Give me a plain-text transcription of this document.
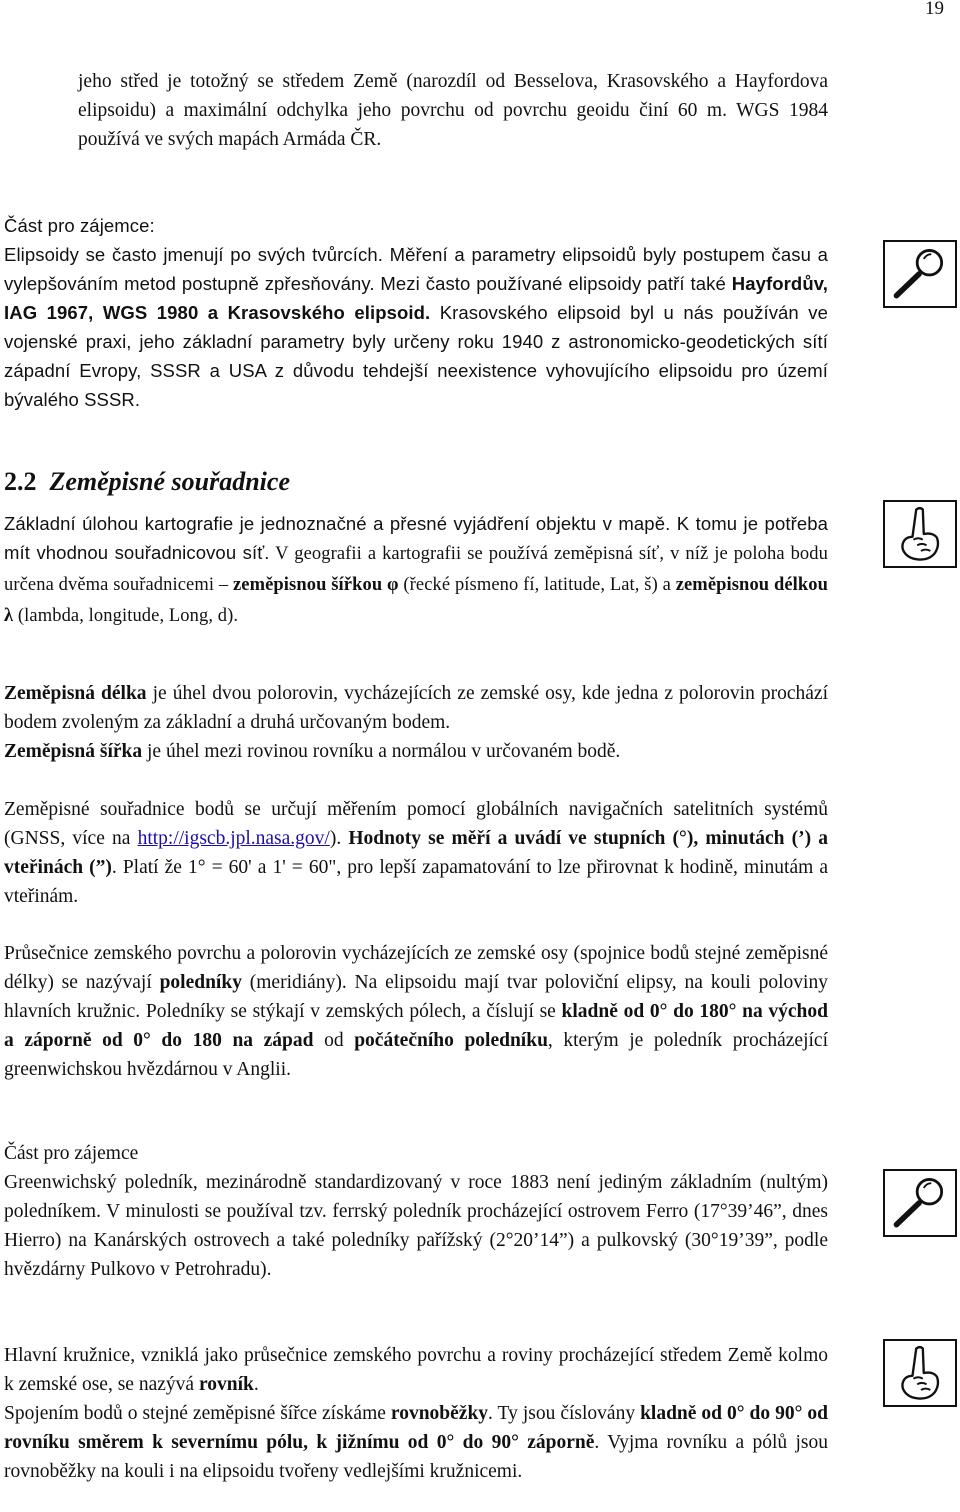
19

jeho střed je totožný se středem Země (narozdíl od Besselova, Krasovského a Hayfordova elipsoidu) a maximální odchylka jeho povrchu od povrchu geoidu činí 60 m. WGS 1984 používá ve svých mapách Armáda ČR.

Část pro zájemce:
Elipsoidy se často jmenují po svých tvůrcích. Měření a parametry elipsoidů byly postupem času a vylepšováním metod postupně zpřesňovány. Mezi často používané elipsoidy patří také Hayfordův, IAG 1967, WGS 1980 a Krasovského elipsoid. Krasovského elipsoid byl u nás používán ve vojenské praxi, jeho základní parametry byly určeny roku 1940 z astronomicko-geodetických sítí západní Evropy, SSSR a USA z důvodu tehdejší neexistence vyhovujícího elipsoidu pro území bývalého SSSR.
2.2 Zeměpisné souřadnice

Základní úlohou kartografie je jednoznačné a přesné vyjádření objektu v mapě. K tomu je potřeba mít vhodnou souřadnicovou síť. V geografii a kartografii se používá zeměpisná síť, v níž je poloha bodu určena dvěma souřadnicemi – zeměpisnou šířkou φ (řecké písmeno fí, latitude, Lat, š) a zeměpisnou délkou λ (lambda, longitude, Long, d).

Zeměpisná délka je úhel dvou polorovin, vycházejících ze zemské osy, kde jedna z polorovin prochází bodem zvoleným za základní a druhá určovaným bodem.
Zeměpisná šířka je úhel mezi rovinou rovníku a normálou v určovaném bodě.

Zeměpisné souřadnice bodů se určují měřením pomocí globálních navigačních satelitních systémů (GNSS, více na http://igscb.jpl.nasa.gov/). Hodnoty se měří a uvádí ve stupních (°), minutách (’) a vteřinách (”). Platí že 1° = 60' a 1' = 60", pro lepší zapamatování to lze přirovnat k hodině, minutám a vteřinám.

Průsečnice zemského povrchu a polorovin vycházejících ze zemské osy (spojnice bodů stejné zeměpisné délky) se nazývají poledníky (meridiány). Na elipsoidu mají tvar poloviční elipsy, na kouli poloviny hlavních kružnic. Poledníky se stýkají v zemských pólech, a číslují se kladně od 0° do 180° na východ a záporně od 0° do 180 na západ od počátečního poledníku, kterým je poledník procházející greenwichskou hvězdárnou v Anglii.

Část pro zájemce
Greenwichský poledník, mezinárodně standardizovaný v roce 1883 není jediným základním (nultým) poledníkem. V minulosti se používal tzv. ferrský poledník procházející ostrovem Ferro (17°39’46”, dnes Hierro) na Kanárských ostrovech a také poledníky pařížský (2°20’14”) a pulkovský (30°19’39”, podle hvězdárny Pulkovo v Petrohradu).

Hlavní kružnice, vzniklá jako průsečnice zemského povrchu a roviny procházející středem Země kolmo k zemské ose, se nazývá rovník.
Spojením bodů o stejné zeměpisné šířce získáme rovnoběžky. Ty jsou číslovány kladně od 0° do 90° od rovníku směrem k severnímu pólu, k jižnímu od 0° do 90° záporně. Vyjma rovníku a pólů jsou rovnoběžky na kouli i na elipsoidu tvořeny vedlejšími kružnicemi.
